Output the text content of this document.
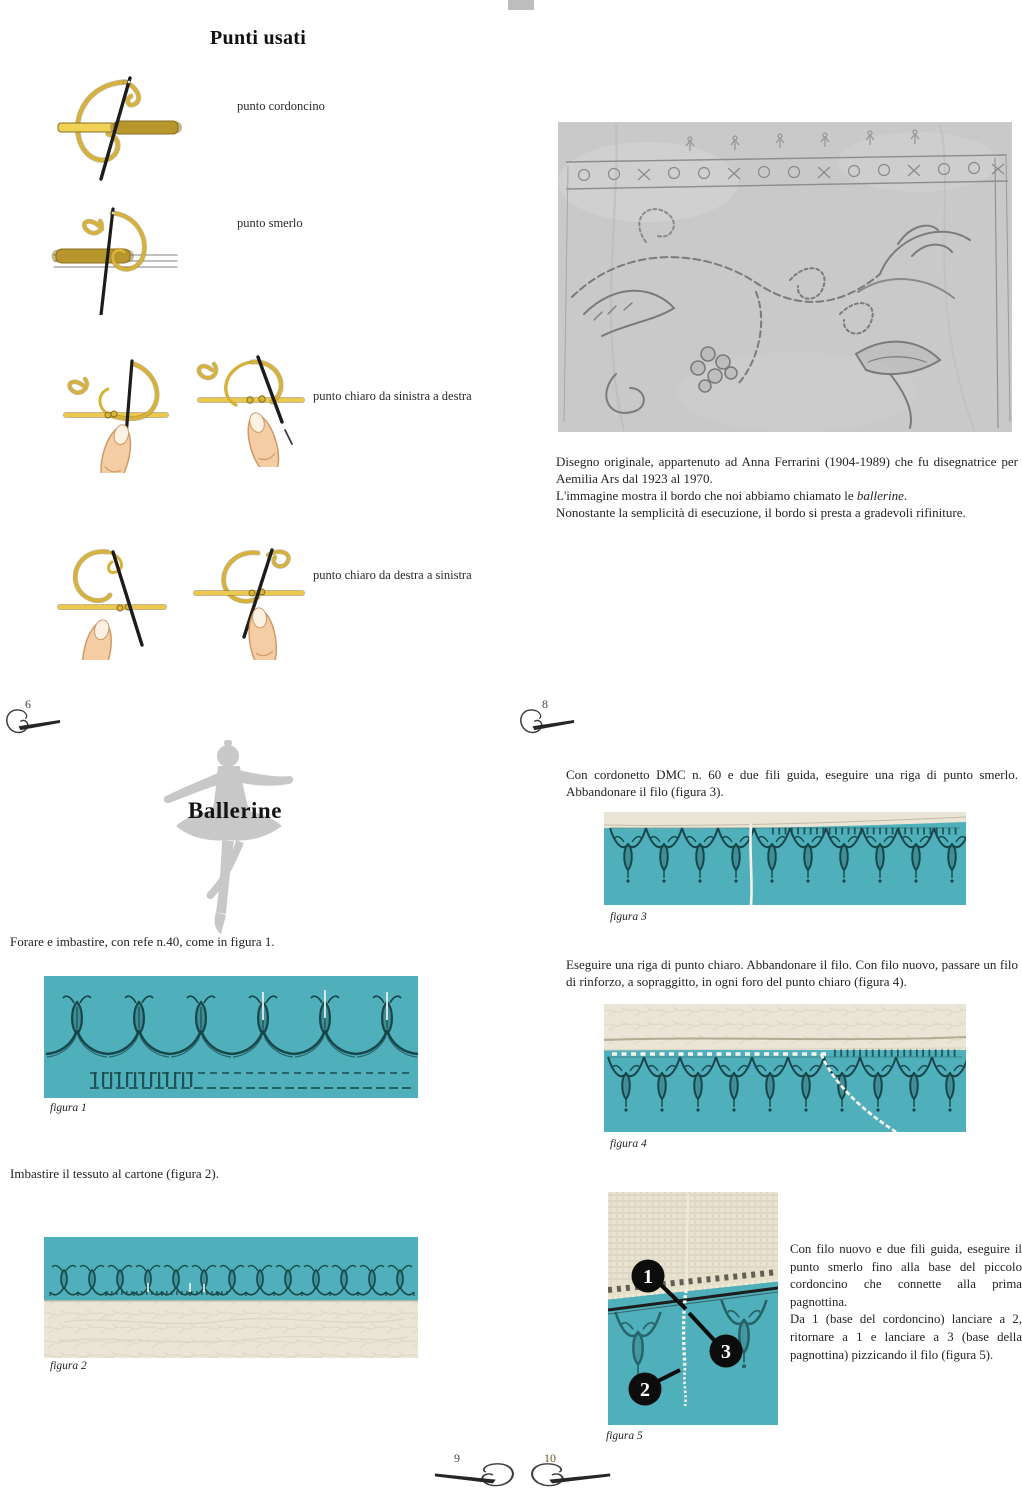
Punti usati
punto cordoncino
punto smerlo
punto chiaro da sinistra a destra
punto chiaro da destra a sinistra
6

Disegno originale, appartenuto ad Anna Ferrarini (1904-1989) che fu disegnatrice per Aemilia Ars dal 1923 al 1970.

L'immagine mostra il bordo che noi abbiamo chiamato le ballerine.

Nonostante la semplicità di esecuzione, il bordo si presta a gradevoli rifiniture.

8
Ballerine

Forare e imbastire, con refe n.40, come in figura 1.

figura 1

Imbastire il tessuto al cartone (figura 2).

figura 2

Con cordonetto DMC n. 60 e due fili guida, eseguire una riga di punto smerlo. Abbandonare il filo (figura 3).

figura 3

Eseguire una riga di punto chiaro. Abbandonare il filo. Con filo nuovo, passare un filo di rinforzo, a sopraggitto, in ogni foro del punto chiaro (figura 4).

figura 4
1
2
3
figura 5

Con filo nuovo e due fili guida, eseguire il punto smerlo fino alla base del piccolo cordoncino che connette alla prima pagnottina.

Da 1 (base del cordoncino) lanciare a 2, ritornare a 1 e lanciare a 3 (base della pagnottina) pizzicando il filo (figura 5).

9	10
